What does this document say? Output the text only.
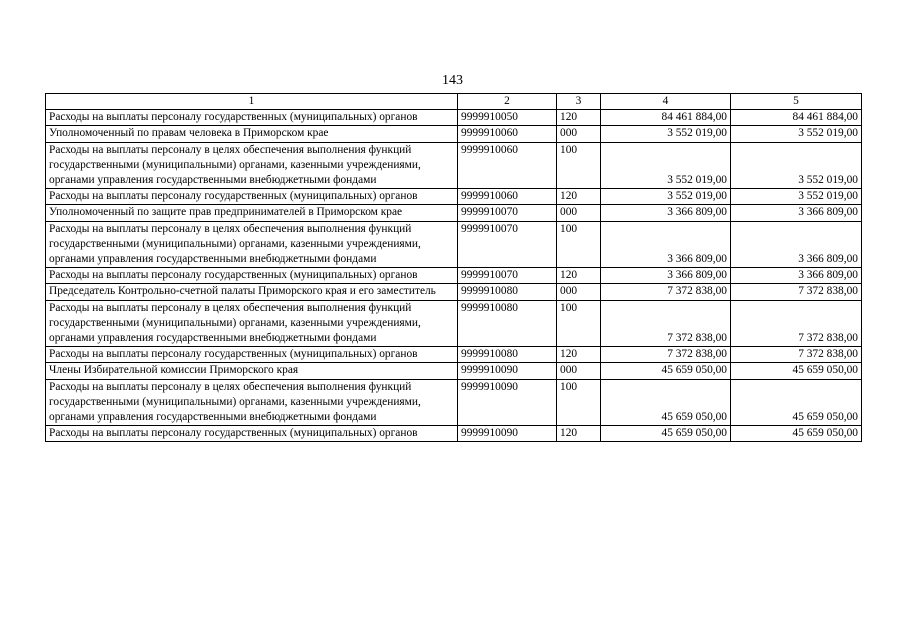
143
1	2	3	4	5
Расходы на выплаты персоналу государственных (муниципальных) органов	9999910050	120	84 461 884,00	84 461 884,00
Уполномоченный по правам человека в Приморском крае	9999910060	000	3 552 019,00	3 552 019,00
Расходы на выплаты персоналу в целях обеспечения выполнения функций государственными (муниципальными) органами, казенными учреждениями, органами управления государственными внебюджетными фондами	9999910060	100	3 552 019,00	3 552 019,00
Расходы на выплаты персоналу государственных (муниципальных) органов	9999910060	120	3 552 019,00	3 552 019,00
Уполномоченный по защите прав предпринимателей в Приморском крае	9999910070	000	3 366 809,00	3 366 809,00
Расходы на выплаты персоналу в целях обеспечения выполнения функций государственными (муниципальными) органами, казенными учреждениями, органами управления государственными внебюджетными фондами	9999910070	100	3 366 809,00	3 366 809,00
Расходы на выплаты персоналу государственных (муниципальных) органов	9999910070	120	3 366 809,00	3 366 809,00
Председатель Контрольно-счетной палаты Приморского края и его заместитель	9999910080	000	7 372 838,00	7 372 838,00
Расходы на выплаты персоналу в целях обеспечения выполнения функций государственными (муниципальными) органами, казенными учреждениями, органами управления государственными внебюджетными фондами	9999910080	100	7 372 838,00	7 372 838,00
Расходы на выплаты персоналу государственных (муниципальных) органов	9999910080	120	7 372 838,00	7 372 838,00
Члены Избирательной комиссии Приморского края	9999910090	000	45 659 050,00	45 659 050,00
Расходы на выплаты персоналу в целях обеспечения выполнения функций государственными (муниципальными) органами, казенными учреждениями, органами управления государственными внебюджетными фондами	9999910090	100	45 659 050,00	45 659 050,00
Расходы на выплаты персоналу государственных (муниципальных) органов	9999910090	120	45 659 050,00	45 659 050,00
